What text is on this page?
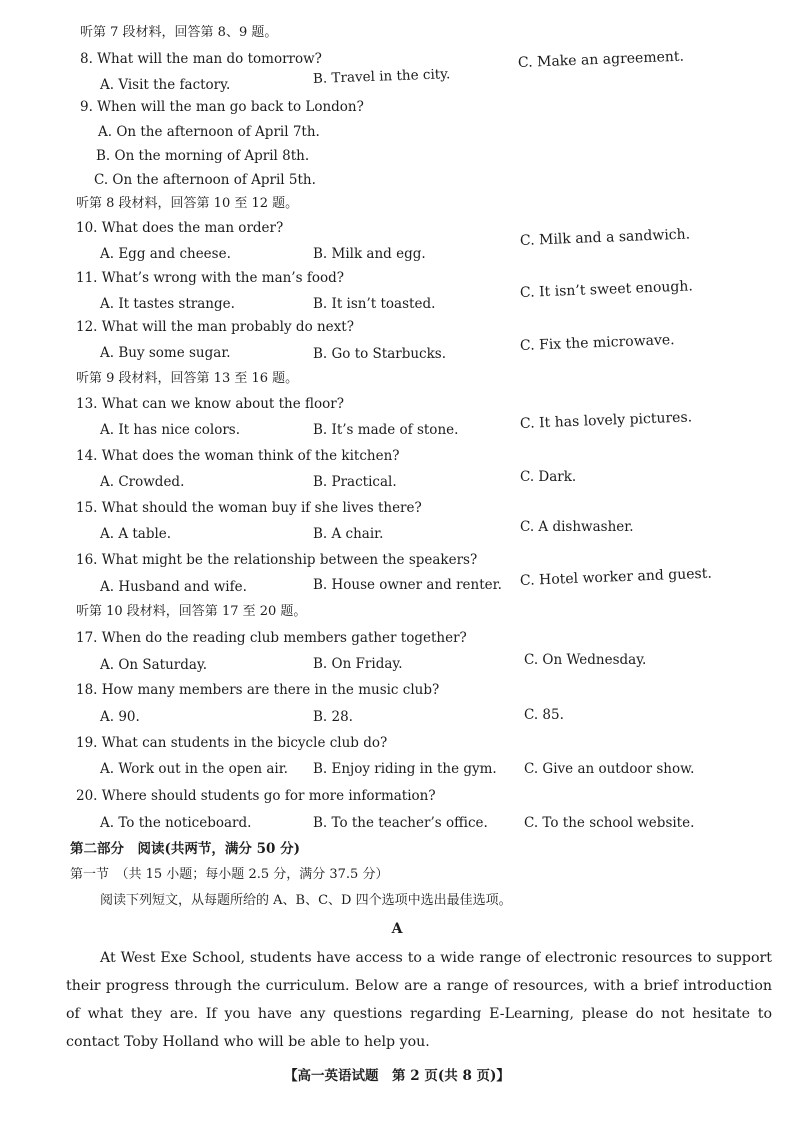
听第 7 段材料，回答第 8、9 题。
8. What will the man do tomorrow?
A. Visit the factory.	B. Travel in the city.
C. Make an agreement.
9. When will the man go back to London?
A. On the afternoon of April 7th.
B. On the morning of April 8th.
C. On the afternoon of April 5th.
听第 8 段材料，回答第 10 至 12 题。
10. What does the man order?
A. Egg and cheese.	B. Milk and egg.
C. Milk and a sandwich.
11. What’s wrong with the man’s food?
A. It tastes strange.	B. It isn’t toasted.
C. It isn’t sweet enough.
12. What will the man probably do next?
A. Buy some sugar.	B. Go to Starbucks.
C. Fix the microwave.
听第 9 段材料，回答第 13 至 16 题。
13. What can we know about the floor?
A. It has nice colors.	B. It’s made of stone.	C. It has lovely pictures.
14. What does the woman think of the kitchen?
A. Crowded.	B. Practical.	C. Dark.
15. What should the woman buy if she lives there?
A. A table.	B. A chair.	C. A dishwasher.
16. What might be the relationship between the speakers?
A. Husband and wife.	B. House owner and renter. C. Hotel worker and guest.
听第 10 段材料，回答第 17 至 20 题。
17. When do the reading club members gather together?
A. On Saturday.	B. On Friday.	C. On Wednesday.
18. How many members are there in the music club?
A. 90.	B. 28.	C. 85.
19. What can students in the bicycle club do?
A. Work out in the open air. B. Enjoy riding in the gym. C. Give an outdoor show.
20. Where should students go for more information?
A. To the noticeboard.	B. To the teacher’s office.	C. To the school website.
第二部分　阅读(共两节，满分 50 分)
第一节　（共 15 小题；每小题 2.5 分，满分 37.5 分）
阅读下列短文，从每题所给的 A、B、C、D 四个选项中选出最佳选项。
A
At West Exe School, students have access to a wide range of electronic resources to support their progress through the curriculum. Below are a range of resources, with a brief introduction of what they are. If you have any questions regarding E-Learning, please do not hesitate to contact Toby Holland who will be able to help you.
【高一英语试题　第 2 页(共 8 页)】
